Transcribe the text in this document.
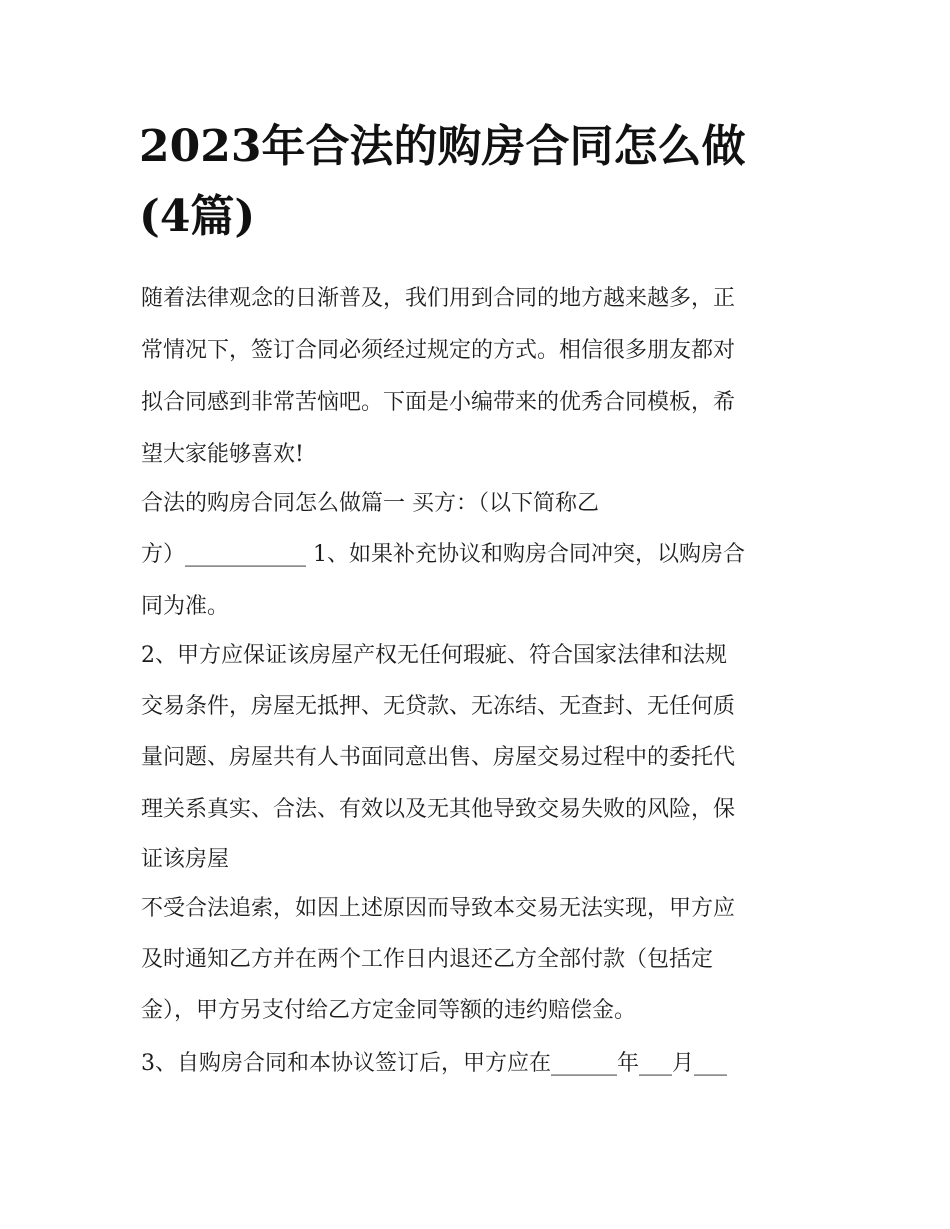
2023年合法的购房合同怎么做
(4篇)

随着法律观念的日渐普及，我们用到合同的地方越来越多，正

常情况下，签订合同必须经过规定的方式。相信很多朋友都对

拟合同感到非常苦恼吧。下面是小编带来的优秀合同模板，希

望大家能够喜欢!

合法的购房合同怎么做篇一 买方：（以下简称乙

方）___________ 1、如果补充协议和购房合同冲突，以购房合

同为准。

2、甲方应保证该房屋产权无任何瑕疵、符合国家法律和法规

交易条件，房屋无抵押、无贷款、无冻结、无查封、无任何质

量问题、房屋共有人书面同意出售、房屋交易过程中的委托代

理关系真实、合法、有效以及无其他导致交易失败的风险，保

证该房屋

不受合法追索，如因上述原因而导致本交易无法实现，甲方应

及时通知乙方并在两个工作日内退还乙方全部付款（包括定

金），甲方另支付给乙方定金同等额的违约赔偿金。

3、自购房合同和本协议签订后，甲方应在______年___月___
